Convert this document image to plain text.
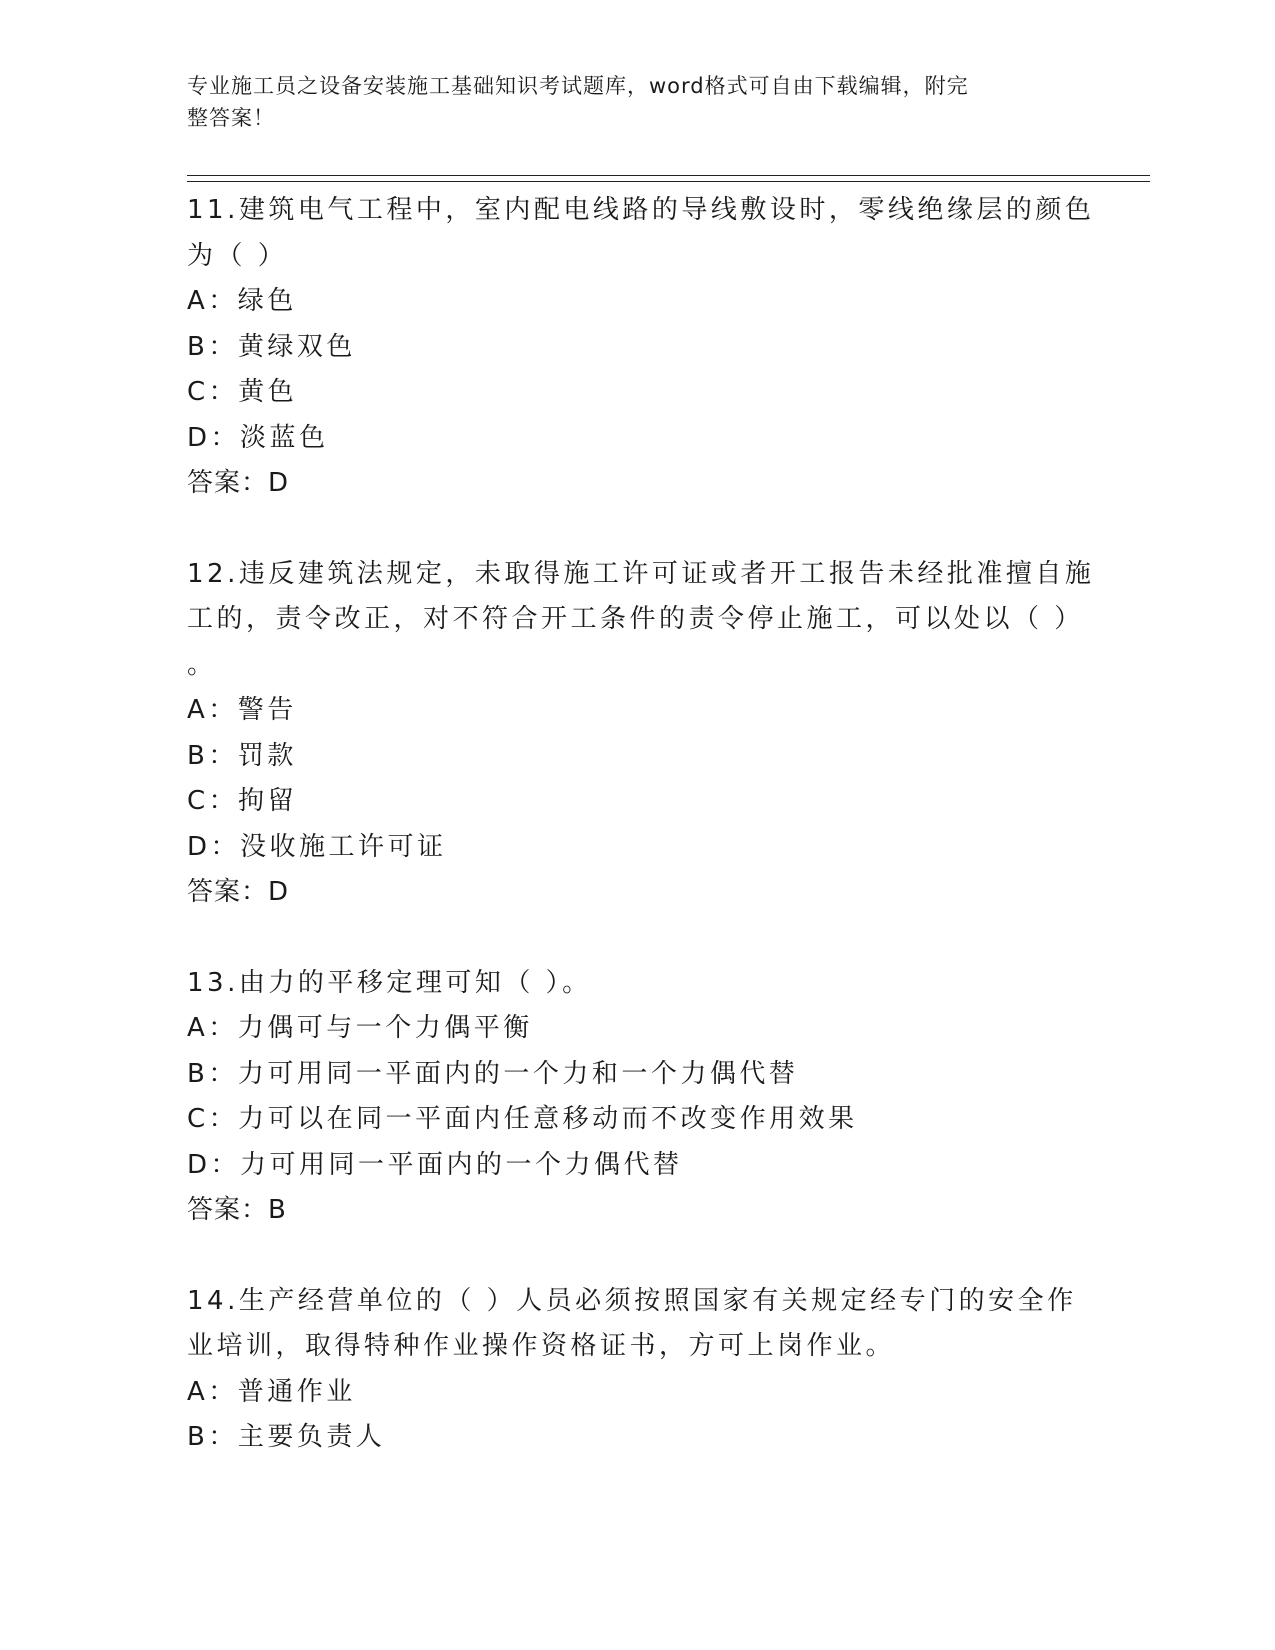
专业施工员之设备安装施工基础知识考试题库，word格式可自由下载编辑，附完
整答案！
11.建筑电气工程中，室内配电线路的导线敷设时，零线绝缘层的颜色
为（ ）
A：绿色
B：黄绿双色
C：黄色
D：淡蓝色
答案：D
12.违反建筑法规定，未取得施工许可证或者开工报告未经批准擅自施
工的，责令改正，对不符合开工条件的责令停止施工，可以处以（ ）
。
A：警告
B：罚款
C：拘留
D：没收施工许可证
答案：D
13.由力的平移定理可知（ ）。
A：力偶可与一个力偶平衡
B：力可用同一平面内的一个力和一个力偶代替
C：力可以在同一平面内任意移动而不改变作用效果
D：力可用同一平面内的一个力偶代替
答案：B
14.生产经营单位的（ ）人员必须按照国家有关规定经专门的安全作
业培训，取得特种作业操作资格证书，方可上岗作业。
A：普通作业
B：主要负责人
